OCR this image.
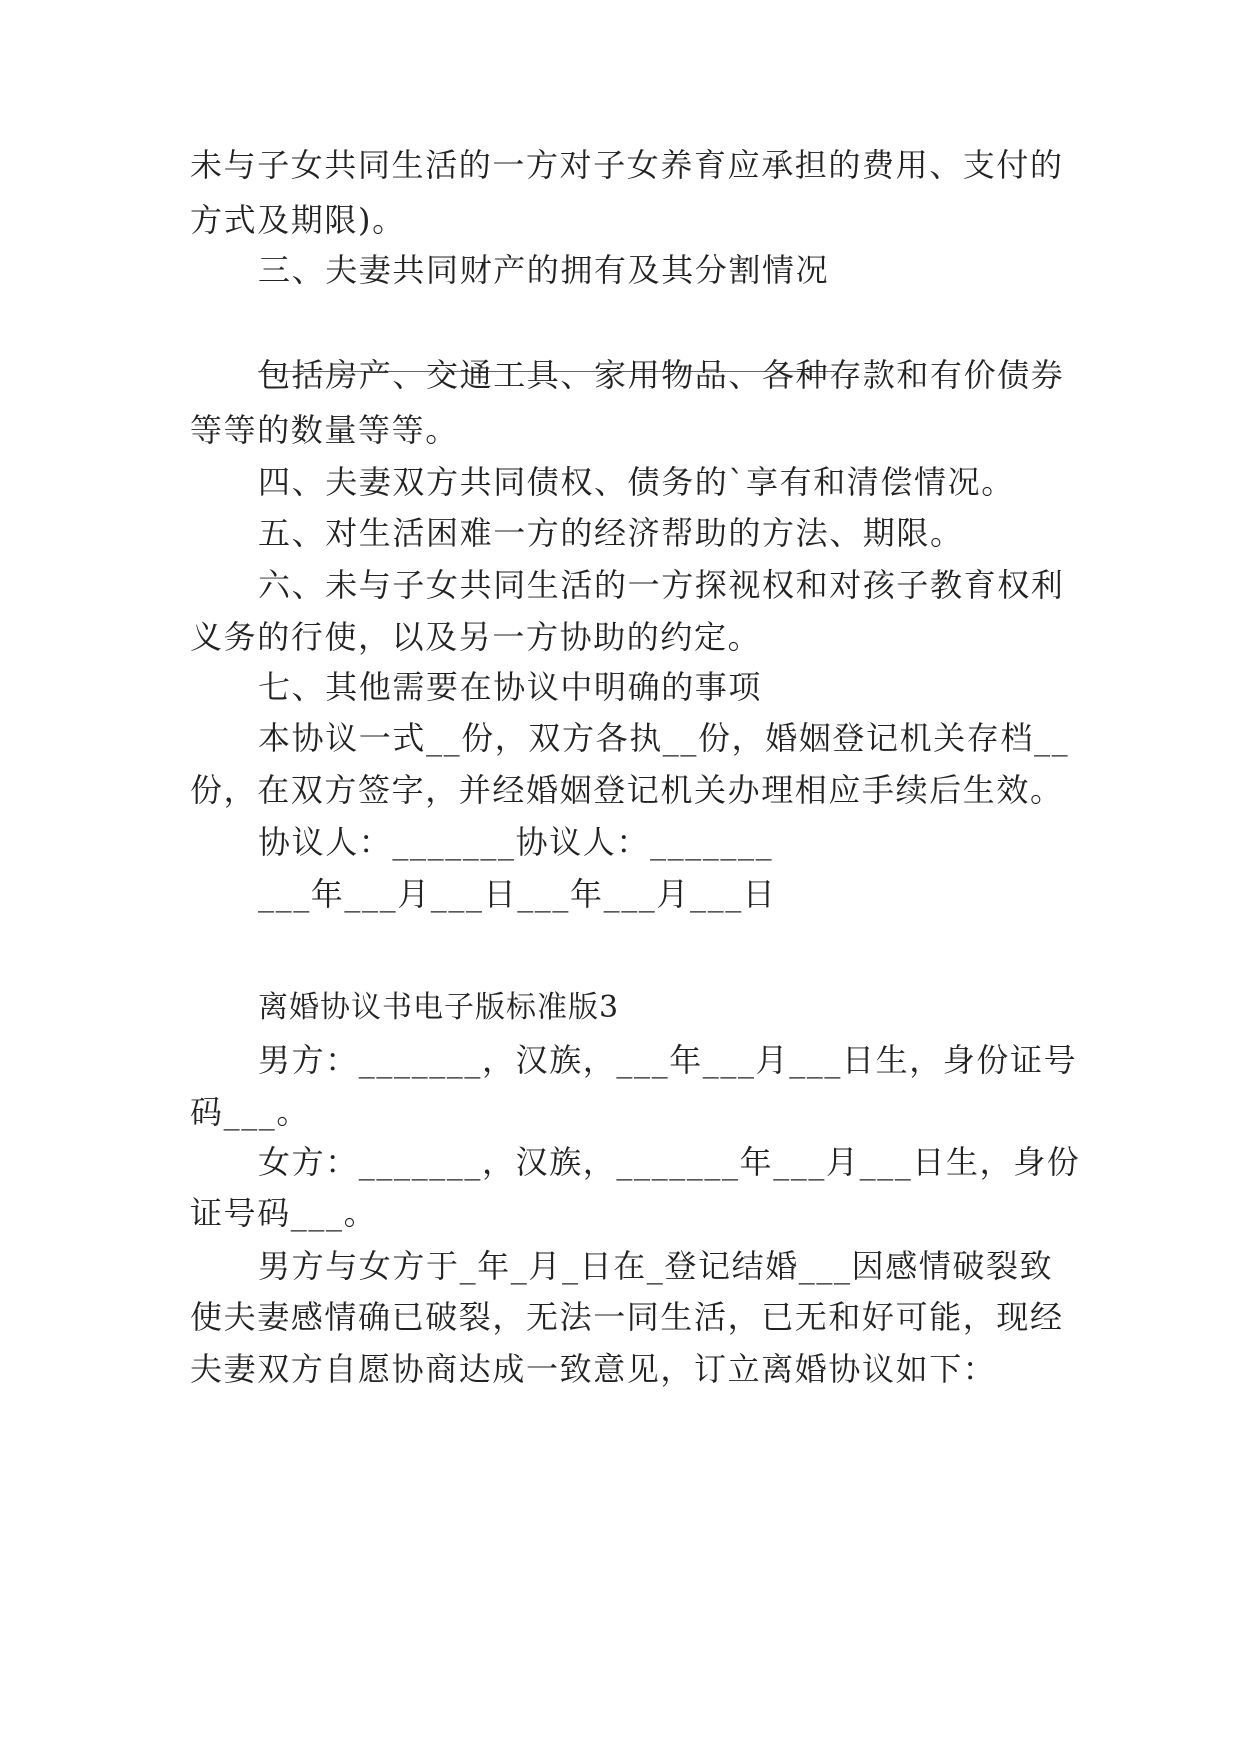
未与子女共同生活的一方对子女养育应承担的费用、支付的
方式及期限)。
三、夫妻共同财产的拥有及其分割情况
包括房产、交通工具、家用物品、各种存款和有价债券
等等的数量等等。
四、夫妻双方共同债权、债务的`享有和清偿情况。
五、对生活困难一方的经济帮助的方法、期限。
六、未与子女共同生活的一方探视权和对孩子教育权利
义务的行使，以及另一方协助的约定。
七、其他需要在协议中明确的事项
本协议一式__份，双方各执__份，婚姻登记机关存档__
份，在双方签字，并经婚姻登记机关办理相应手续后生效。
协议人：_______协议人：_______
___年___月___日___年___月___日
离婚协议书电子版标准版3
男方：_______，汉族，___年___月___日生，身份证号
码___。
女方：_______，汉族，_______年___月___日生，身份
证号码___。
男方与女方于_年_月_日在_登记结婚___因感情破裂致
使夫妻感情确已破裂，无法一同生活，已无和好可能，现经
夫妻双方自愿协商达成一致意见，订立离婚协议如下：
